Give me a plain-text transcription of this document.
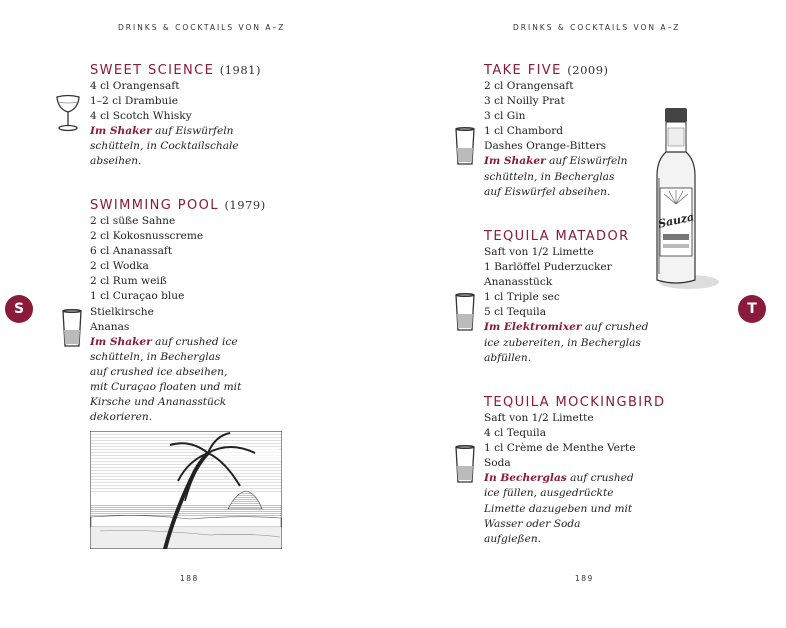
DRINKS & COCKTAILS VON A–Z
SWEET SCIENCE (1981)
4 cl Orangensaft
1–2 cl Drambuie
4 cl Scotch Whisky
Im Shaker auf Eiswürfeln
schütteln, in Cocktailschale
abseihen.
SWIMMING POOL (1979)
2 cl süße Sahne
2 cl Kokosnusscreme
6 cl Ananassaft
2 cl Wodka
2 cl Rum weiß
1 cl Curaçao blue
Stielkirsche
Ananas
Im Shaker auf crushed ice
schütteln, in Becherglas
auf crushed ice abseihen,
mit Curaçao floaten und mit
Kirsche und Ananasstück
dekorieren.
188
S
DRINKS & COCKTAILS VON A–Z
TAKE FIVE (2009)
2 cl Orangensaft
3 cl Noilly Prat
3 cl Gin
1 cl Chambord
Dashes Orange-Bitters
Im Shaker auf Eiswürfeln
schütteln, in Becherglas
auf Eiswürfel abseihen.
Sauza
TEQUILA MATADOR
Saft von 1/2 Limette
1 Barlöffel Puderzucker
Ananasstück
1 cl Triple sec
5 cl Tequila
Im Elektromixer auf crushed
ice zubereiten, in Becherglas
abfüllen.
TEQUILA MOCKINGBIRD
Saft von 1/2 Limette
4 cl Tequila
1 cl Crème de Menthe Verte
Soda
In Becherglas auf crushed
ice füllen, ausgedrückte
Limette dazugeben und mit
Wasser oder Soda
aufgießen.
189
T
